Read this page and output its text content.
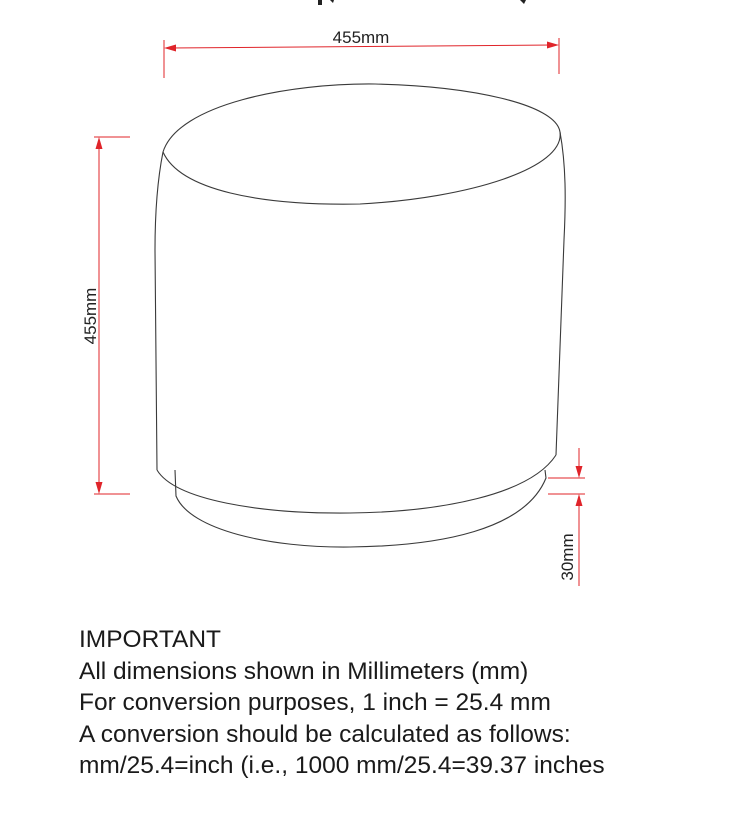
455mm
455mm
30mm
IMPORTANT
All dimensions shown in Millimeters (mm)
For conversion purposes, 1 inch = 25.4 mm
A conversion should be calculated as follows:
mm/25.4=inch (i.e., 1000 mm/25.4=39.37 inches
